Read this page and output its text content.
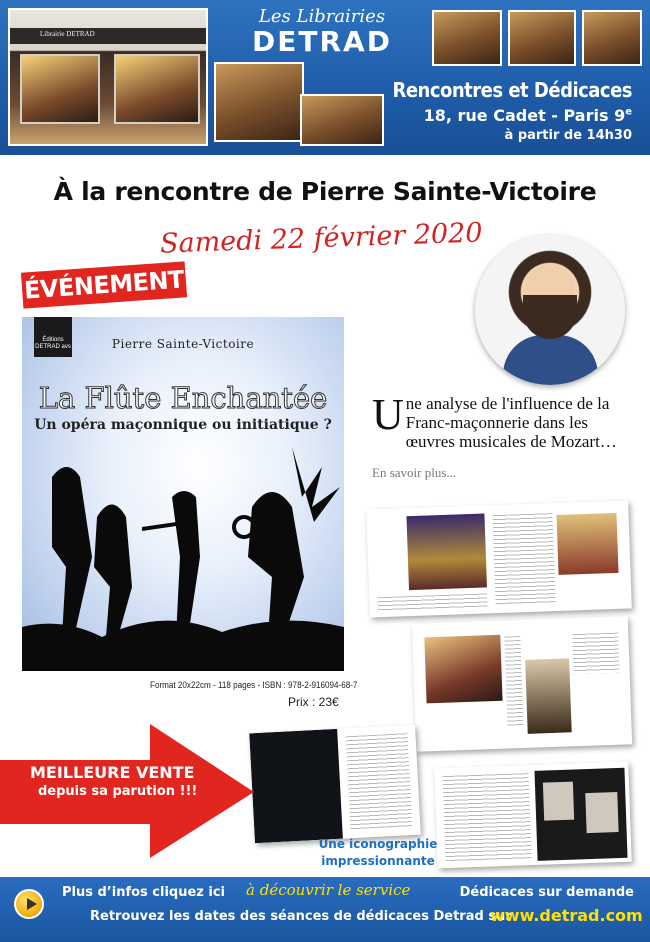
Librairie DETRAD
Les Librairies
DETRAD
Rencontres et Dédicaces
18, rue Cadet - Paris 9e
à partir de 14h30
À la rencontre de Pierre Sainte-Victoire
Samedi 22 février 2020
ÉVÉNEMENT
Éditions DETRAD avs	Pierre Sainte-Victoire
La Flûte Enchantée
Un opéra maçonnique ou initiatique ?
Format 20x22cm - 118 pages - ISBN : 978-2-916094-68-7
Prix : 23€
Une analyse de l'influence de la Franc-maçonnerie dans les œuvres musicales de Mozart…
En savoir plus...
MEILLEURE VENTE
depuis sa parution !!!
Une iconographie impressionnante
Plus d’infos cliquez ici à découvrir le service	Dédicaces sur demande
Retrouvez les dates des séances de dédicaces Detrad sur
www.detrad.com
